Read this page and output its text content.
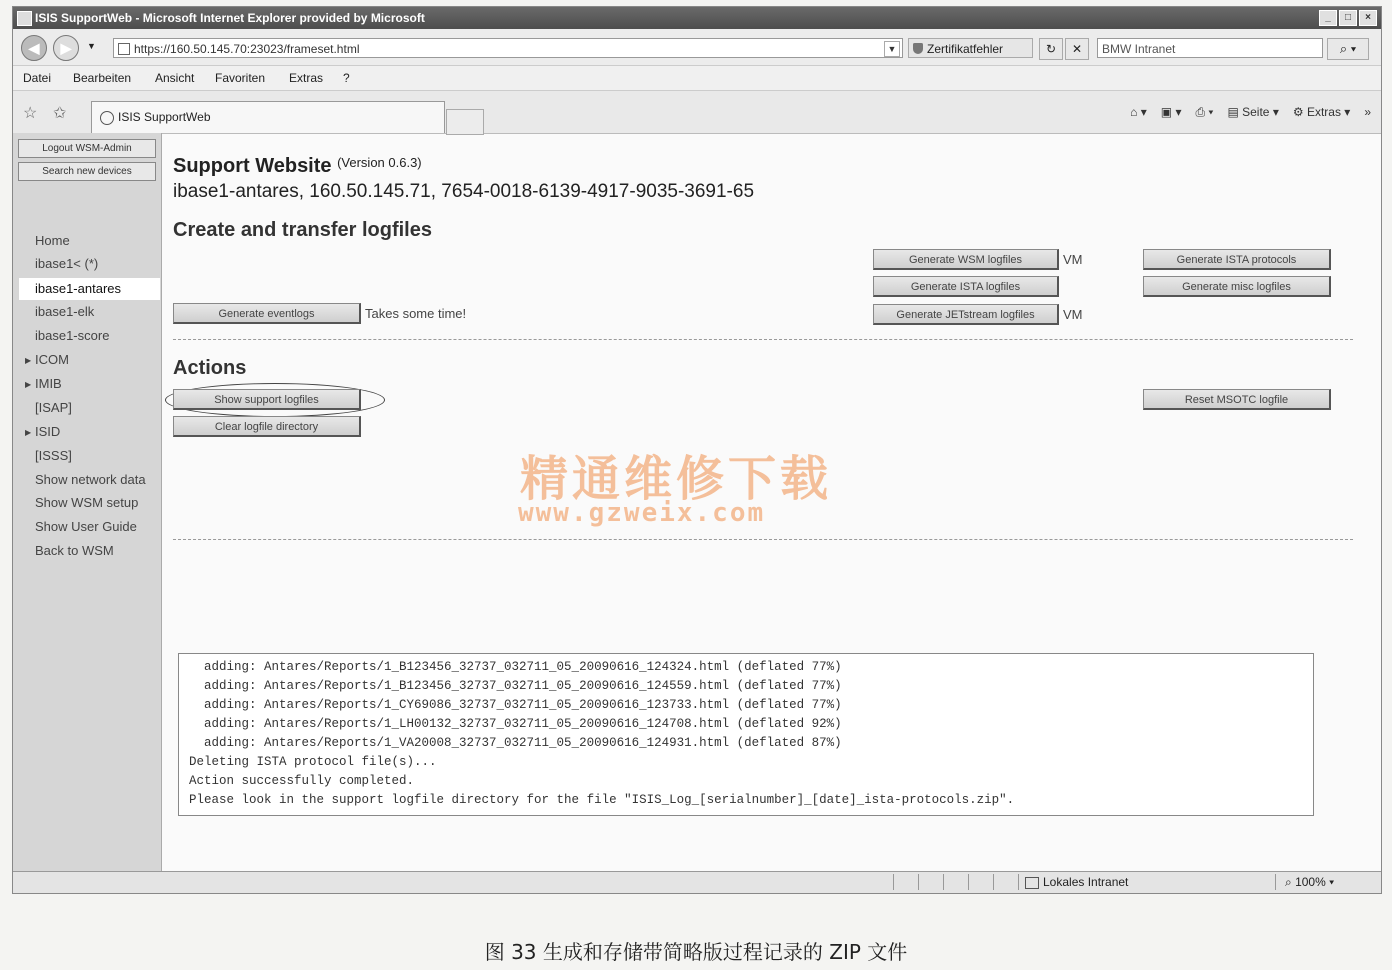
ISIS SupportWeb - Microsoft Internet Explorer provided by Microsoft	_	□	×
◀	▶	▼	https://160.50.145.70:23023/frameset.html	▼	Zertifikatfehler	↻	✕	BMW Intranet	⌕ ▾
Datei Bearbeiten Ansicht Favoriten Extras ?
☆ ✩	ISIS SupportWeb	⌂ ▾ ▣ ▾ ⎙ ▾ ▤ Seite ▾ ⚙ Extras ▾ »
Logout WSM-Admin
Search new devices
Home
ibase1< (*)
ibase1-antares
ibase1-elk
ibase1-score
▶ ICOM
▶ IMIB
[ISAP]
▶ ISID
[ISSS]
Show network data
Show WSM setup
Show User Guide
Back to WSM
Support Website $^{(Version 0.6.3)}$
ibase1-antares, 160.50.145.71, 7654-0018-6139-4917-9035-3691-65
Create and transfer logfiles
Generate WSM logfiles	VM
Generate ISTA logfiles
Generate JETstream logfiles	VM
Generate ISTA protocols
Generate misc logfiles
Generate eventlogs	Takes some time!
Actions
Show support logfiles
Clear logfile directory
Reset MSOTC logfile
adding: Antares/Reports/1_B123456_32737_032711_05_20090616_124324.html (deflated 77%)
adding: Antares/Reports/1_B123456_32737_032711_05_20090616_124559.html (deflated 77%)
adding: Antares/Reports/1_CY69086_32737_032711_05_20090616_123733.html (deflated 77%)
adding: Antares/Reports/1_LH00132_32737_032711_05_20090616_124708.html (deflated 92%)
adding: Antares/Reports/1_VA20008_32737_032711_05_20090616_124931.html (deflated 87%)
Deleting ISTA protocol file(s)...
Action successfully completed.
Please look in the support logfile directory for the file "ISIS_Log_[serialnumber]_[date]_ista-protocols.zip".
Lokales Intranet	⌕ 100% ▾
精通维修下载
www.gzweix.com
图 33 生成和存储带简略版过程记录的 ZIP 文件
